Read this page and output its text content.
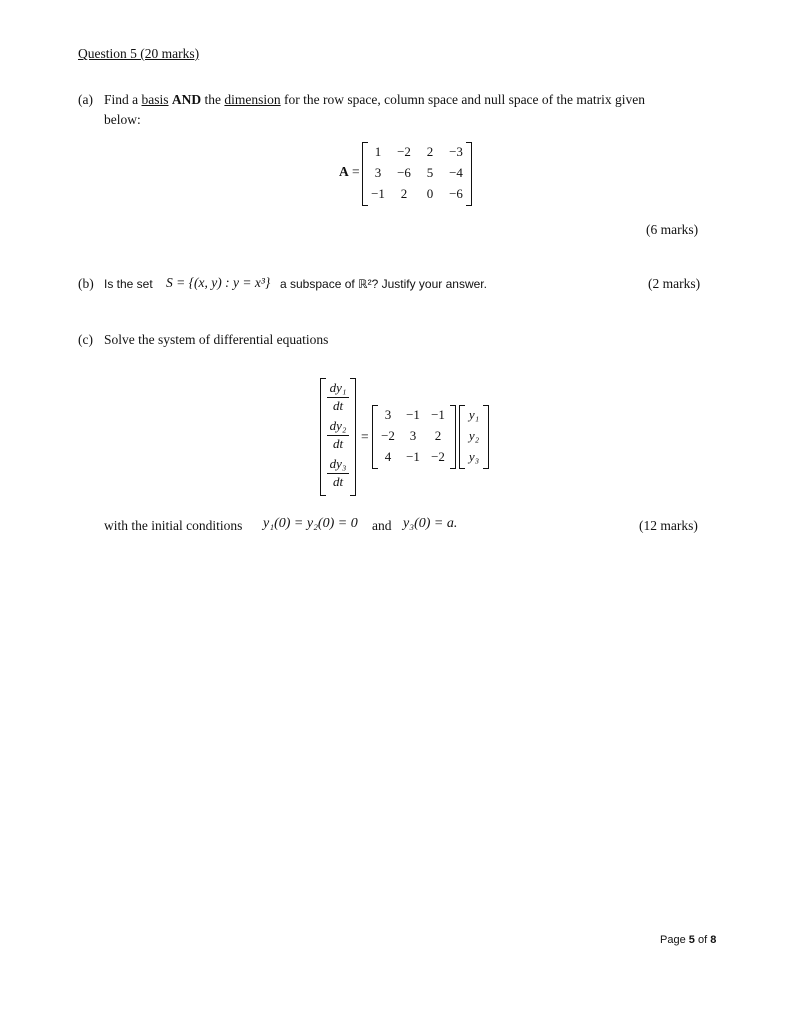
Question 5 (20 marks)
(a) Find a basis AND the dimension for the row space, column space and null space of the matrix given
below:
A =
1	−2	2	−3
3	−6	5	−4
−1	2	0	−6
(6 marks)
(b) Is the set S = {(x, y) : y = x³} a subspace of ℝ²? Justify your answer.	(2 marks)
(c) Solve the system of differential equations
dy₁
dt
dy₂
dt
dy₃
dt
=
3	−1 −1
−2	3	2
4	−1 −2
y₁
y₂
y₃
with the initial conditions y₁(0) = y₂(0) = 0 and y₃(0) = a.	(12 marks)
Page 5 of 8
